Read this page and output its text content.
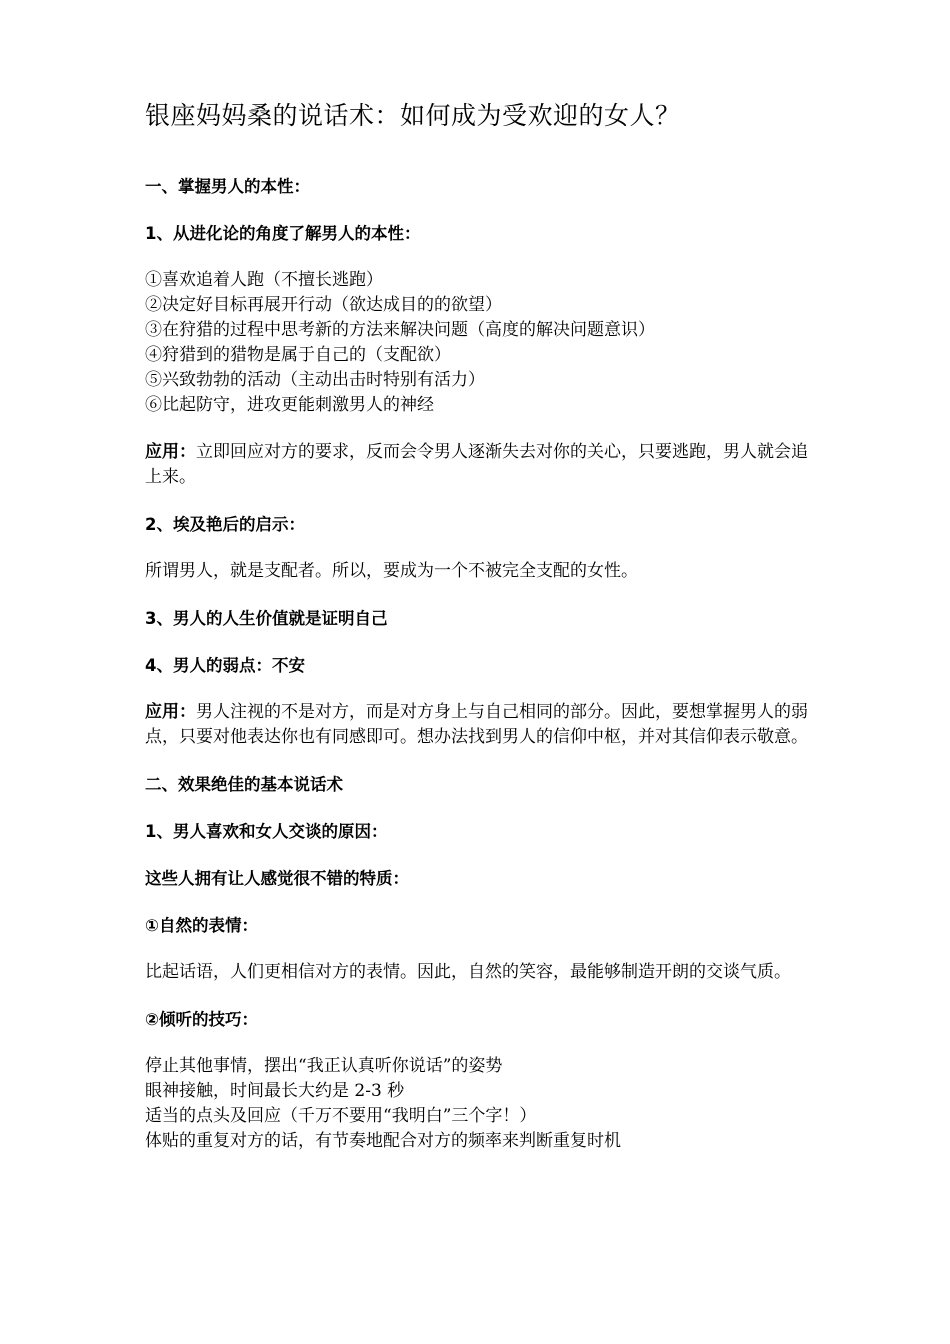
银座妈妈桑的说话术：如何成为受欢迎的女人？
一、掌握男人的本性：
1、从进化论的角度了解男人的本性：
①喜欢追着人跑（不擅长逃跑）
②决定好目标再展开行动（欲达成目的的欲望）
③在狩猎的过程中思考新的方法来解决问题（高度的解决问题意识）
④狩猎到的猎物是属于自己的（支配欲）
⑤兴致勃勃的活动（主动出击时特别有活力）
⑥比起防守，进攻更能刺激男人的神经
应用：立即回应对方的要求，反而会令男人逐渐失去对你的关心，只要逃跑，男人就会追上来。
2、埃及艳后的启示：
所谓男人，就是支配者。所以，要成为一个不被完全支配的女性。
3、男人的人生价值就是证明自己
4、男人的弱点：不安
应用：男人注视的不是对方，而是对方身上与自己相同的部分。因此，要想掌握男人的弱点，只要对他表达你也有同感即可。想办法找到男人的信仰中枢，并对其信仰表示敬意。
二、效果绝佳的基本说话术
1、男人喜欢和女人交谈的原因：
这些人拥有让人感觉很不错的特质：
①自然的表情：
比起话语，人们更相信对方的表情。因此，自然的笑容，最能够制造开朗的交谈气质。
②倾听的技巧：
停止其他事情，摆出“我正认真听你说话”的姿势
眼神接触，时间最长大约是 2-3 秒
适当的点头及回应（千万不要用“我明白”三个字！）
体贴的重复对方的话，有节奏地配合对方的频率来判断重复时机
